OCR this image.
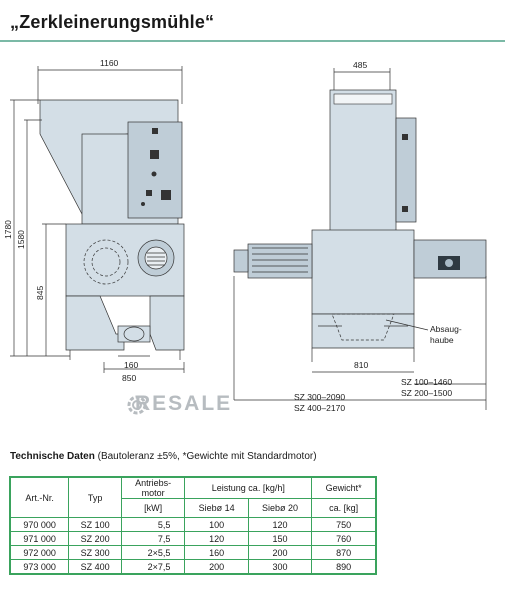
„Zerkleinerungsmühle“
1160
1780
1580
845
160
850
485
Absaug-
haube
810
SZ 100–1460
SZ 200–1500
SZ 300–2090
SZ 400–2170
RESALE
Technische Daten (Bautoleranz ±5%, *Gewichte mit Standardmotor)
Art.-Nr.	Typ	Antriebs-
motor	Leistung ca. [kg/h]		Gewicht*
		[kW]	Siebø 14	Siebø 20	ca. [kg]
970 000	SZ 100	5,5	100	120	750
971 000	SZ 200	7,5	120	150	760
972 000	SZ 300	2×5,5	160	200	870
973 000	SZ 400	2×7,5	200	300	890
